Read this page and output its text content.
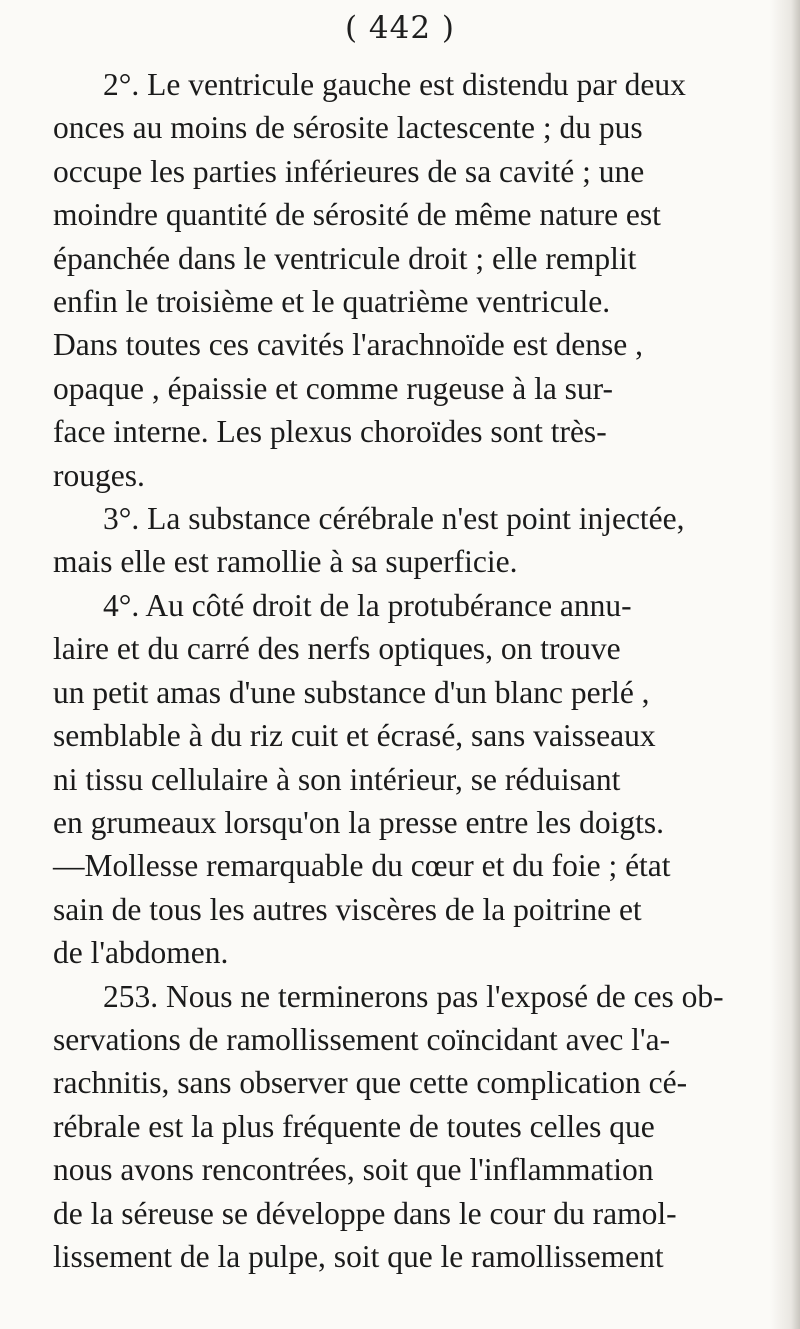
( 442 )
2°. Le ventricule gauche est distendu par deux
onces au moins de sérosite lactescente ; du pus
occupe les parties inférieures de sa cavité ; une
moindre quantité de sérosité de même nature est
épanchée dans le ventricule droit ; elle remplit
enfin le troisième et le quatrième ventricule.
Dans toutes ces cavités l'arachnoïde est dense ,
opaque , épaissie et comme rugeuse à la sur-
face interne. Les plexus choroïdes sont très-
rouges.
3°. La substance cérébrale n'est point injectée,
mais elle est ramollie à sa superficie.
4°. Au côté droit de la protubérance annu-
laire et du carré des nerfs optiques, on trouve
un petit amas d'une substance d'un blanc perlé ,
semblable à du riz cuit et écrasé, sans vaisseaux
ni tissu cellulaire à son intérieur, se réduisant
en grumeaux lorsqu'on la presse entre les doigts.
—Mollesse remarquable du cœur et du foie ; état
sain de tous les autres viscères de la poitrine et
de l'abdomen.
253. Nous ne terminerons pas l'exposé de ces ob-
servations de ramollissement coïncidant avec l'a-
rachnitis, sans observer que cette complication cé-
rébrale est la plus fréquente de toutes celles que
nous avons rencontrées, soit que l'inflammation
de la séreuse se développe dans le cour du ramol-
lissement de la pulpe, soit que le ramollissement
